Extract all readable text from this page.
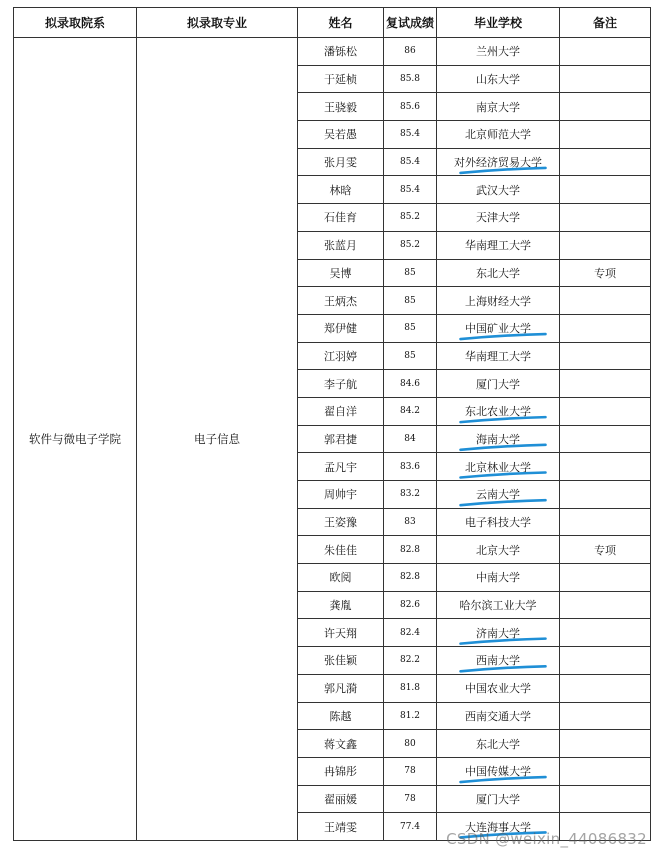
拟录取院系	拟录取专业	姓名	复试成绩	毕业学校	备注
软件与微电子学院	电子信息	潘铄松	86	兰州大学	
		于延桢	85.8	山东大学	
		王骁毅	85.6	南京大学	
		吴若愚	85.4	北京师范大学	
		张月雯	85.4	对外经济贸易大学	
		林晗	85.4	武汉大学	
		石佳育	85.2	天津大学	
		张蓝月	85.2	华南理工大学	
		吴博	85	东北大学	专项
		王炳杰	85	上海财经大学	
		郑伊健	85	中国矿业大学	
		江羽婷	85	华南理工大学	
		李子航	84.6	厦门大学	
		翟自洋	84.2	东北农业大学	
		郭君捷	84	海南大学	
		孟凡宇	83.6	北京林业大学	
		周帅宇	83.2	云南大学	
		王姿豫	83	电子科技大学	
		朱佳佳	82.8	北京大学	专项
		欧阅	82.8	中南大学	
		龚胤	82.6	哈尔滨工业大学	
		许天翔	82.4	济南大学	
		张佳颖	82.2	西南大学	
		郭凡漪	81.8	中国农业大学	
		陈越	81.2	西南交通大学	
		蒋文鑫	80	东北大学	
		冉锦彤	78	中国传媒大学	
		翟丽媛	78	厦门大学	
		王靖雯	77.4	大连海事大学	
CSDN @weixin_44086832
